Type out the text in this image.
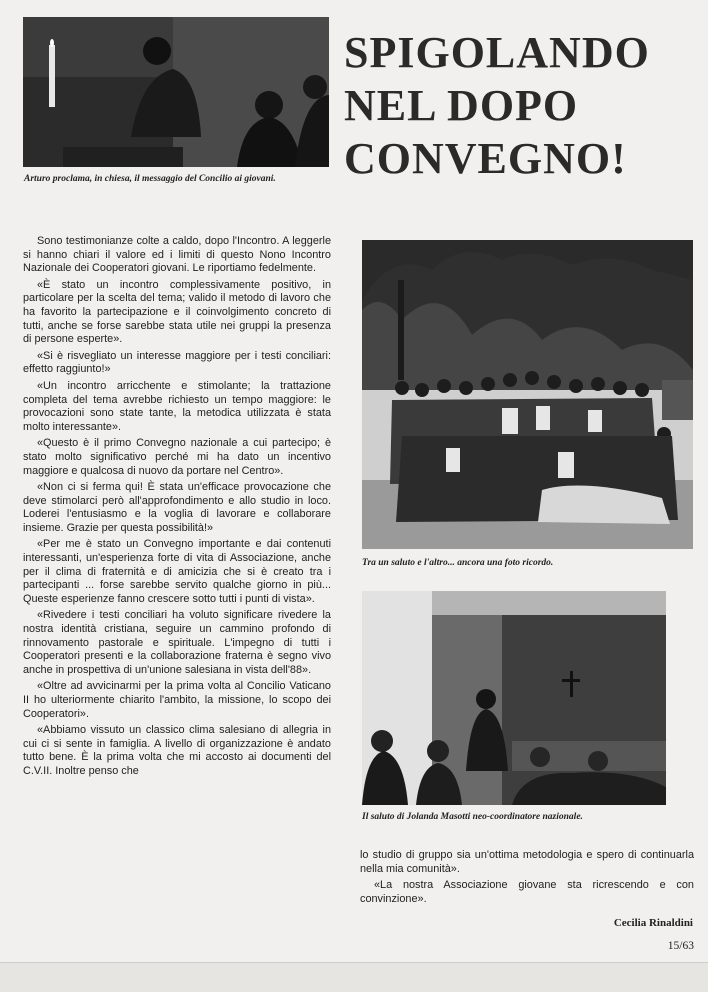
Arturo proclama, in chiesa, il messaggio del Concilio ai giovani.
SPIGOLANDO
NEL DOPO
CONVEGNO!
Tra un saluto e l'altro... ancora una foto ricordo.
Il saluto di Jolanda Masotti neo-coordinatore nazionale.

Sono testimonianze colte a caldo, dopo l'Incontro. A leggerle si hanno chiari il valore ed i limiti di questo Nono Incontro Nazionale dei Cooperatori giovani. Le riportiamo fedelmente.

«È stato un incontro complessivamente positivo, in particolare per la scelta del tema; valido il metodo di lavoro che ha favorito la partecipazione e il coinvolgimento concreto di tutti, anche se forse sarebbe stata utile nei gruppi la presenza di persone esperte».

«Si è risvegliato un interesse maggiore per i testi conciliari: effetto raggiunto!»

«Un incontro arricchente e stimolante; la trattazione completa del tema avrebbe richiesto un tempo maggiore: le provocazioni sono state tante, la metodica utilizzata è stata molto interessante».

«Questo è il primo Convegno nazionale a cui partecipo; è stato molto significativo perché mi ha dato un incentivo maggiore e qualcosa di nuovo da portare nel Centro».

«Non ci si ferma qui! È stata un'efficace provocazione che deve stimolarci però all'approfondimento e allo studio in loco. Loderei l'entusiasmo e la voglia di lavorare e collaborare insieme. Grazie per questa possibilità!»

«Per me è stato un Convegno importante e dai contenuti interessanti, un'esperienza forte di vita di Associazione, anche per il clima di fraternità e di amicizia che si è creato tra i partecipanti ... forse sarebbe servito qualche giorno in più... Queste esperienze fanno crescere sotto tutti i punti di vista».

«Rivedere i testi conciliari ha voluto significare rivedere la nostra identità cristiana, seguire un cammino profondo di rinnovamento pastorale e spirituale. L'impegno di tutti i Cooperatori presenti e la collaborazione fraterna è segno vivo anche in prospettiva di un'unione salesiana in vista dell'88».

«Oltre ad avvicinarmi per la prima volta al Concilio Vaticano II ho ulteriormente chiarito l'ambito, la missione, lo scopo dei Cooperatori».

«Abbiamo vissuto un classico clima salesiano di allegria in cui ci si sente in famiglia. A livello di organizzazione è andato tutto bene. È la prima volta che mi accosto ai documenti del C.V.II. Inoltre penso che

lo studio di gruppo sia un'ottima metodologia e spero di continuarla nella mia comunità».

«La nostra Associazione giovane sta ricrescendo e con convinzione».

Cecilia Rinaldini
15/63
